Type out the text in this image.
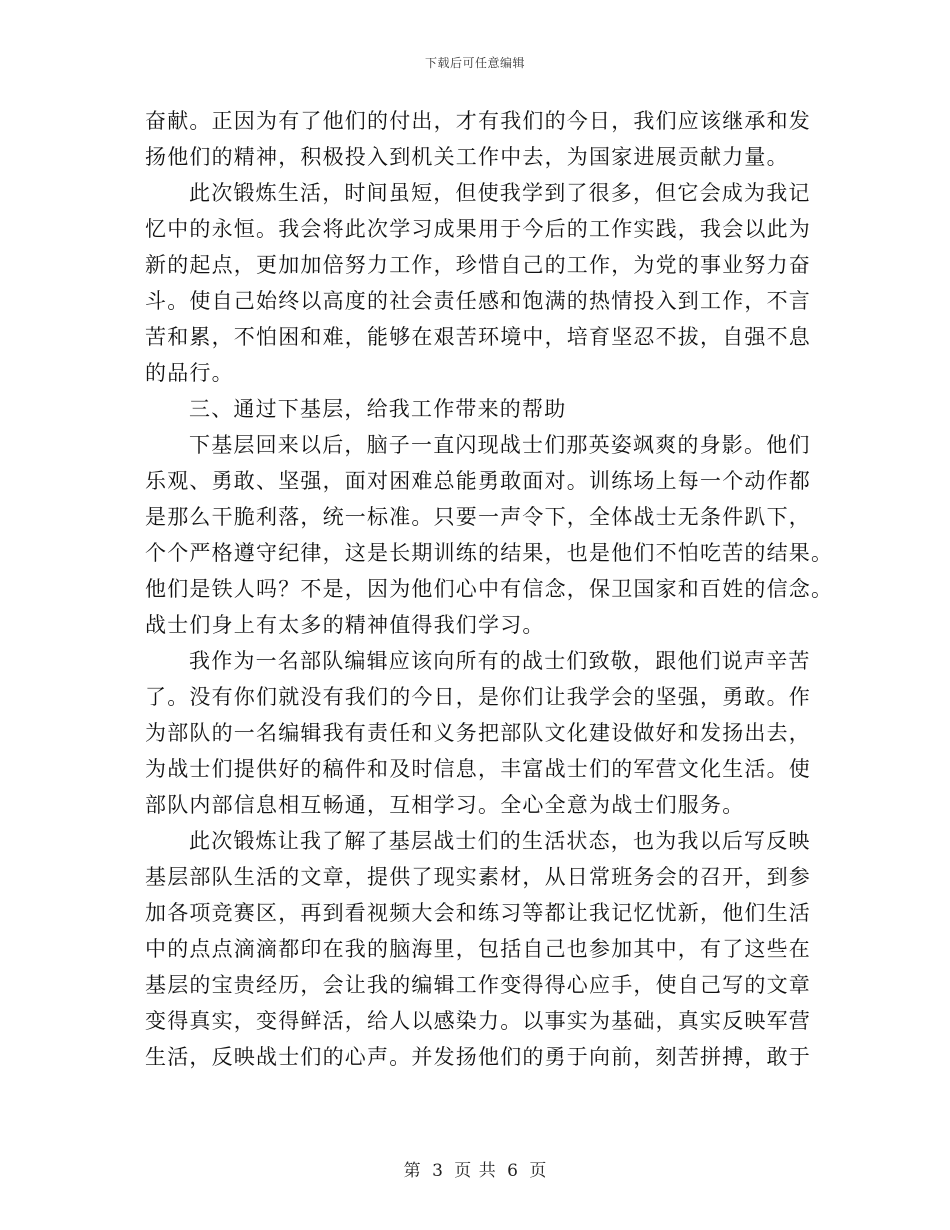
下载后可任意编辑
奋献。正因为有了他们的付出，才有我们的今日，我们应该继承和发
扬他们的精神，积极投入到机关工作中去，为国家进展贡献力量。
此次锻炼生活，时间虽短，但使我学到了很多，但它会成为我记
忆中的永恒。我会将此次学习成果用于今后的工作实践，我会以此为
新的起点，更加加倍努力工作，珍惜自己的工作，为党的事业努力奋
斗。使自己始终以高度的社会责任感和饱满的热情投入到工作，不言
苦和累，不怕困和难，能够在艰苦环境中，培育坚忍不拔，自强不息
的品行。
三、通过下基层，给我工作带来的帮助
下基层回来以后，脑子一直闪现战士们那英姿飒爽的身影。他们
乐观、勇敢、坚强，面对困难总能勇敢面对。训练场上每一个动作都
是那么干脆利落，统一标准。只要一声令下，全体战士无条件趴下，
个个严格遵守纪律，这是长期训练的结果，也是他们不怕吃苦的结果。
他们是铁人吗？不是，因为他们心中有信念，保卫国家和百姓的信念。
战士们身上有太多的精神值得我们学习。
我作为一名部队编辑应该向所有的战士们致敬，跟他们说声辛苦
了。没有你们就没有我们的今日，是你们让我学会的坚强，勇敢。作
为部队的一名编辑我有责任和义务把部队文化建设做好和发扬出去，
为战士们提供好的稿件和及时信息，丰富战士们的军营文化生活。使
部队内部信息相互畅通，互相学习。全心全意为战士们服务。
此次锻炼让我了解了基层战士们的生活状态，也为我以后写反映
基层部队生活的文章，提供了现实素材，从日常班务会的召开，到参
加各项竞赛区，再到看视频大会和练习等都让我记忆忧新，他们生活
中的点点滴滴都印在我的脑海里，包括自己也参加其中，有了这些在
基层的宝贵经历，会让我的编辑工作变得得心应手，使自己写的文章
变得真实，变得鲜活，给人以感染力。以事实为基础，真实反映军营
生活，反映战士们的心声。并发扬他们的勇于向前，刻苦拼搏，敢于
第 3 页 共 6 页
